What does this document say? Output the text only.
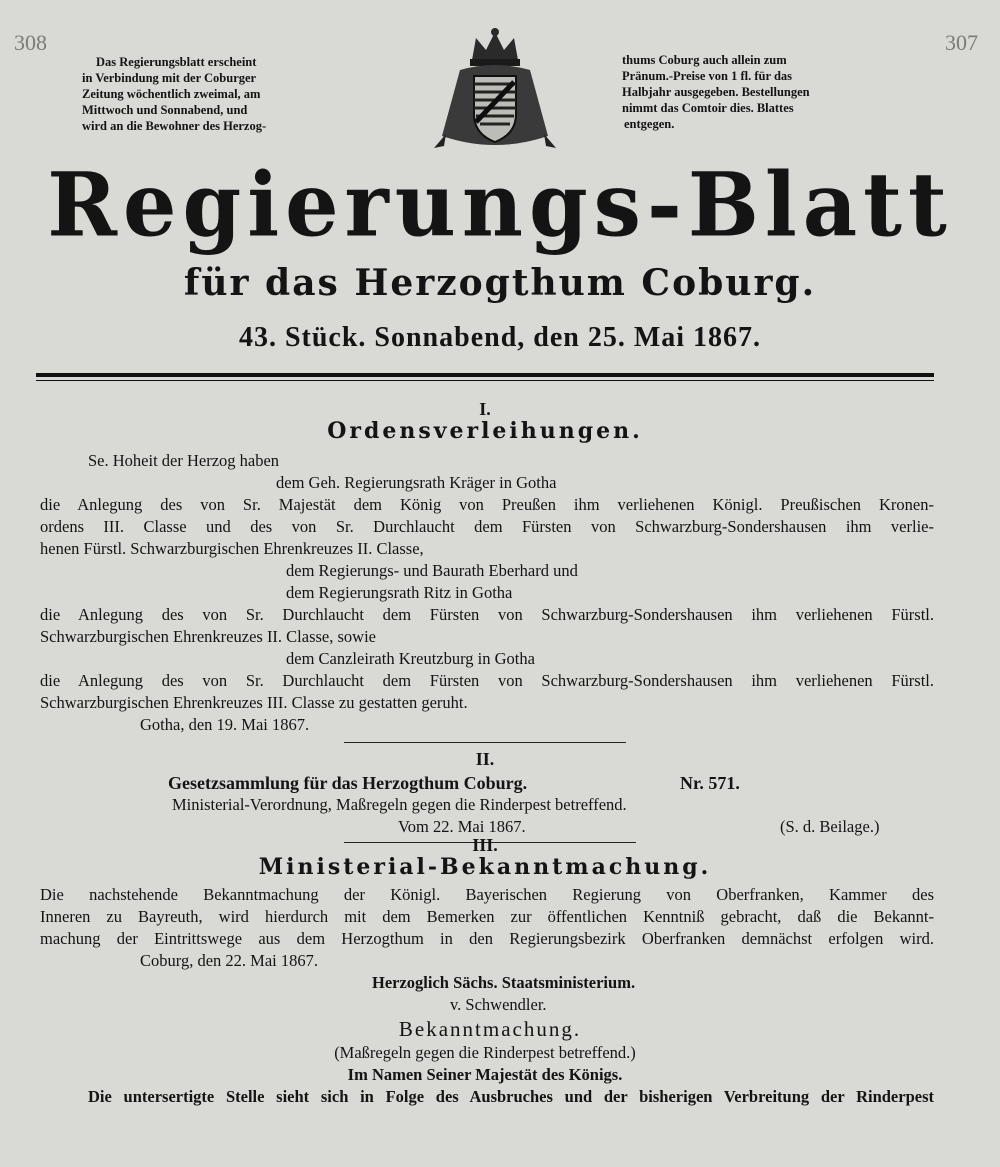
308	307
Das Regierungsblatt erscheint
in Verbindung mit der Coburger
Zeitung wöchentlich zweimal, am
Mittwoch und Sonnabend, und
wird an die Bewohner des Herzog-
thums Coburg auch allein zum
Pränum.-Preise von 1 fl. für das
Halbjahr ausgegeben. Bestellungen
nimmt das Comtoir dies. Blattes
entgegen.
Regierungs-Blatt
für das Herzogthum Coburg.
43. Stück. Sonnabend, den 25. Mai 1867.
I.
Ordensverleihungen.
Se. Hoheit der Herzog haben
dem Geh. Regierungsrath Kräger in Gotha
die Anlegung des von Sr. Majestät dem König von Preußen ihm verliehenen Königl. Preußischen Kronen-
ordens III. Classe und des von Sr. Durchlaucht dem Fürsten von Schwarzburg-Sondershausen ihm verlie-
henen Fürstl. Schwarzburgischen Ehrenkreuzes II. Classe,
dem Regierungs- und Baurath Eberhard und
dem Regierungsrath Ritz in Gotha
die Anlegung des von Sr. Durchlaucht dem Fürsten von Schwarzburg-Sondershausen ihm verliehenen Fürstl.
Schwarzburgischen Ehrenkreuzes II. Classe, sowie
dem Canzleirath Kreutzburg in Gotha
die Anlegung des von Sr. Durchlaucht dem Fürsten von Schwarzburg-Sondershausen ihm verliehenen Fürstl.
Schwarzburgischen Ehrenkreuzes III. Classe zu gestatten geruht.
Gotha, den 19. Mai 1867.
II.
Gesetzsammlung für das Herzogthum Coburg.	Nr. 571.
Ministerial-Verordnung, Maßregeln gegen die Rinderpest betreffend.
Vom 22. Mai 1867.	(S. d. Beilage.)
III.
Ministerial-Bekanntmachung.
Die nachstehende Bekanntmachung der Königl. Bayerischen Regierung von Oberfranken, Kammer des
Inneren zu Bayreuth, wird hierdurch mit dem Bemerken zur öffentlichen Kenntniß gebracht, daß die Bekannt-
machung der Eintrittswege aus dem Herzogthum in den Regierungsbezirk Oberfranken demnächst erfolgen wird.
Coburg, den 22. Mai 1867.
Herzoglich Sächs. Staatsministerium.
v. Schwendler.
Bekanntmachung.
(Maßregeln gegen die Rinderpest betreffend.)
Im Namen Seiner Majestät des Königs.
Die untersertigte Stelle sieht sich in Folge des Ausbruches und der bisherigen Verbreitung der Rinderpest
